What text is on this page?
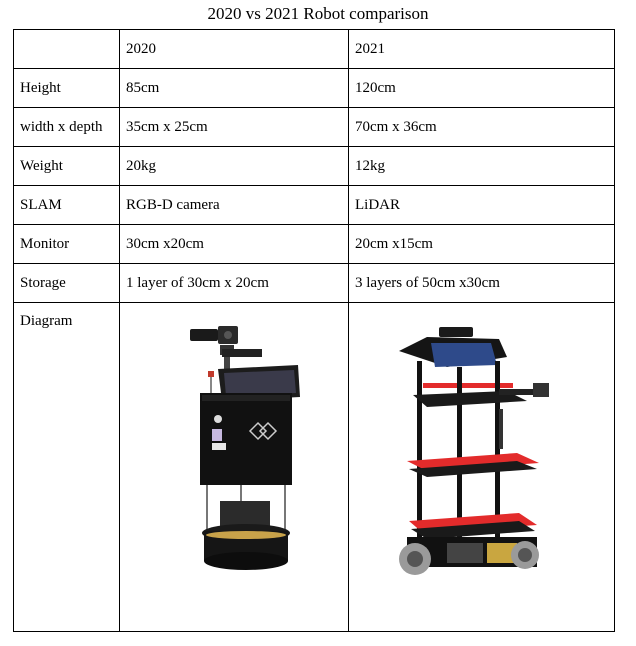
2020 vs 2021 Robot comparison
	2020	2021
Height	85cm	120cm
width x depth	35cm x 25cm	70cm x 36cm
Weight	20kg	12kg
SLAM	RGB-D camera	LiDAR
Monitor	30cm x20cm	20cm x15cm
Storage	1 layer of 30cm x 20cm	3 layers of 50cm x30cm
Diagram	
